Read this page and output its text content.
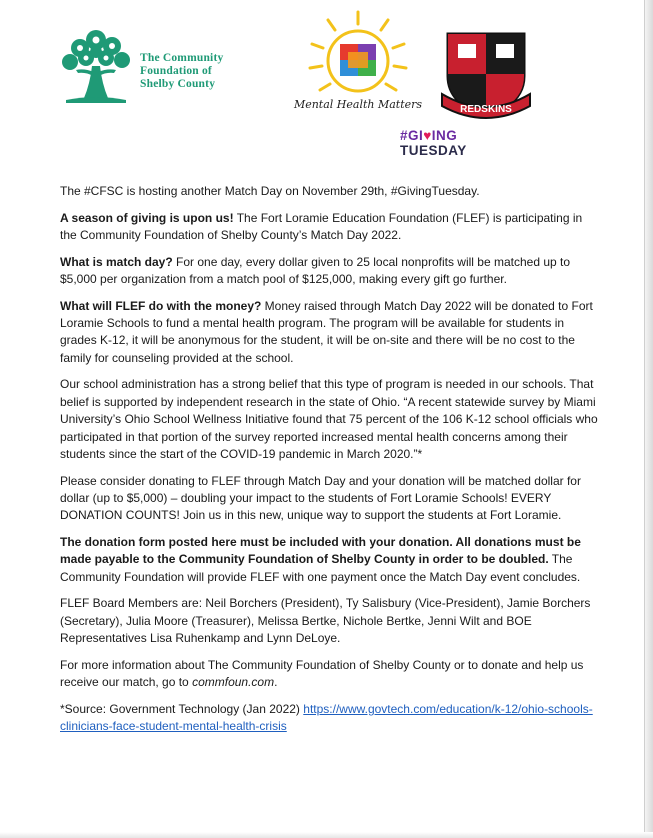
The Community
Foundation of
Shelby County
Mental Health Matters	REDSKINS
#GI♥ING
TUESDAY

The #CFSC is hosting another Match Day on November 29th, #GivingTuesday.

A season of giving is upon us! The Fort Loramie Education Foundation (FLEF) is participating in the Community Foundation of Shelby County’s Match Day 2022.

What is match day? For one day, every dollar given to 25 local nonprofits will be matched up to $5,000 per organization from a match pool of $125,000, making every gift go further.

What will FLEF do with the money? Money raised through Match Day 2022 will be donated to Fort Loramie Schools to fund a mental health program. The program will be available for students in grades K-12, it will be anonymous for the student, it will be on-site and there will be no cost to the family for counseling provided at the school.

Our school administration has a strong belief that this type of program is needed in our schools. That belief is supported by independent research in the state of Ohio. “A recent statewide survey by Miami University’s Ohio School Wellness Initiative found that 75 percent of the 106 K-12 school officials who participated in that portion of the survey reported increased mental health concerns among their students since the start of the COVID-19 pandemic in March 2020.”*

Please consider donating to FLEF through Match Day and your donation will be matched dollar for dollar (up to $5,000) – doubling your impact to the students of Fort Loramie Schools! EVERY DONATION COUNTS! Join us in this new, unique way to support the students at Fort Loramie.

The donation form posted here must be included with your donation. All donations must be made payable to the Community Foundation of Shelby County in order to be doubled. The Community Foundation will provide FLEF with one payment once the Match Day event concludes.

FLEF Board Members are: Neil Borchers (President), Ty Salisbury (Vice-President), Jamie Borchers (Secretary), Julia Moore (Treasurer), Melissa Bertke, Nichole Bertke, Jenni Wilt and BOE Representatives Lisa Ruhenkamp and Lynn DeLoye.

For more information about The Community Foundation of Shelby County or to donate and help us receive our match, go to commfoun.com.

*Source: Government Technology (Jan 2022) https://www.govtech.com/education/k-12/ohio-schools-clinicians-face-student-mental-health-crisis
